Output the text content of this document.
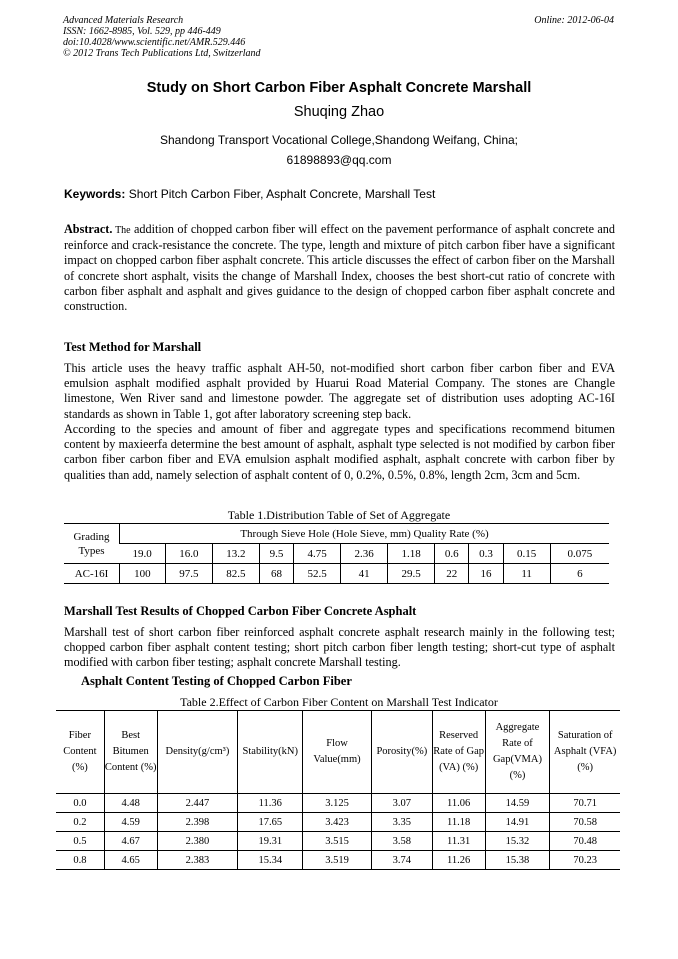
Advanced Materials Research
ISSN: 1662-8985, Vol. 529, pp 446-449
doi:10.4028/www.scientific.net/AMR.529.446
© 2012 Trans Tech Publications Ltd, Switzerland
Online: 2012-06-04
Study on Short Carbon Fiber Asphalt Concrete Marshall
Shuqing Zhao
Shandong Transport Vocational College,Shandong Weifang, China;
61898893@qq.com
Keywords: Short Pitch Carbon Fiber, Asphalt Concrete, Marshall Test
Abstract. The addition of chopped carbon fiber will effect on the pavement performance of asphalt concrete and reinforce and crack-resistance the concrete. The type, length and mixture of pitch carbon fiber have a significant impact on chopped carbon fiber asphalt concrete. This article discusses the effect of carbon fiber on the Marshall of concrete short asphalt, visits the change of Marshall Index, chooses the best short-cut ratio of concrete with carbon fiber asphalt and asphalt and gives guidance to the design of chopped carbon fiber asphalt concrete and construction.
Test Method for Marshall
This article uses the heavy traffic asphalt AH-50, not-modified short carbon fiber carbon fiber and EVA emulsion asphalt modified asphalt provided by Huarui Road Material Company. The stones are Changle limestone, Wen River sand and limestone powder. The aggregate set of distribution uses adopting AC-16I standards as shown in Table 1, got after laboratory screening step back.
According to the species and amount of fiber and aggregate types and specifications recommend bitumen content by maxieerfa determine the best amount of asphalt, asphalt type selected is not modified by carbon fiber carbon fiber carbon fiber and EVA emulsion asphalt modified asphalt, asphalt concrete with carbon fiber by qualities than add, namely selection of asphalt content of 0, 0.2%, 0.5%, 0.8%, length 2cm, 3cm and 5cm.
Table 1.Distribution Table of Set of Aggregate
Grading Types	Through Sieve Hole (Hole Sieve, mm) Quality Rate (%)										
	19.0	16.0	13.2	9.5	4.75	2.36	1.18	0.6	0.3	0.15	0.075
AC-16I	100	97.5	82.5	68	52.5	41	29.5	22	16	11	6
Marshall Test Results of Chopped Carbon Fiber Concrete Asphalt
Marshall test of short carbon fiber reinforced asphalt concrete asphalt research mainly in the following test; chopped carbon fiber asphalt content testing; short pitch carbon fiber length testing; short-cut type of asphalt modified with carbon fiber testing; asphalt concrete Marshall testing.
Asphalt Content Testing of Chopped Carbon Fiber
Table 2.Effect of Carbon Fiber Content on Marshall Test Indicator
Fiber Content (%)	Best Bitumen Content (%)	Density(g/cm³)	Stability(kN)	Flow Value(mm)	Porosity(%)	Reserved Rate of Gap (VA) (%)	Aggregate Rate of Gap(VMA) (%)	Saturation of Asphalt (VFA) (%)
0.0	4.48	2.447	11.36	3.125	3.07	11.06	14.59	70.71
0.2	4.59	2.398	17.65	3.423	3.35	11.18	14.91	70.58
0.5	4.67	2.380	19.31	3.515	3.58	11.31	15.32	70.48
0.8	4.65	2.383	15.34	3.519	3.74	11.26	15.38	70.23
